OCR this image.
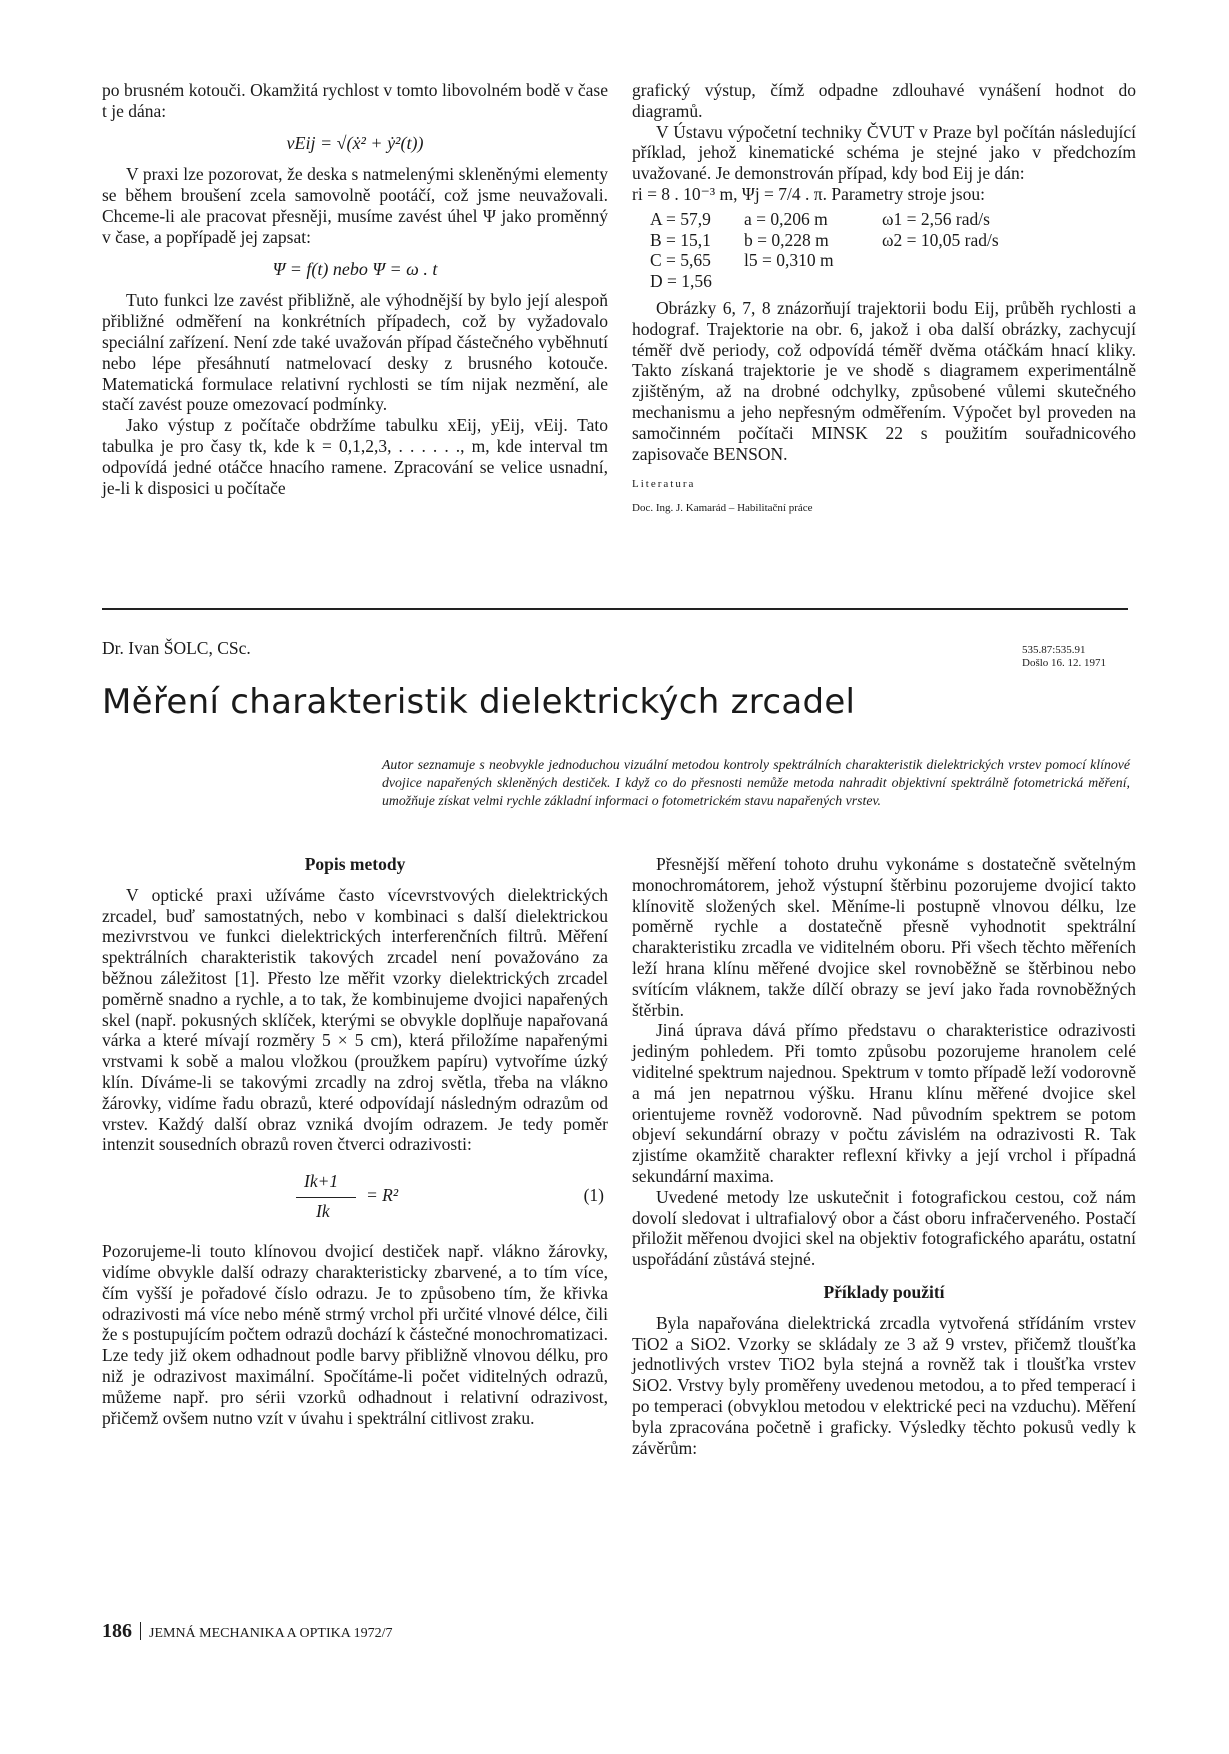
po brusném kotouči. Okamžitá rychlost v tomto libovolném bodě v čase t je dána:

vEij = √(ẋ² + ẏ²(t))

V praxi lze pozorovat, že deska s natmelenými skleněnými elementy se během broušení zcela samovolně pootáčí, což jsme neuvažovali. Chceme-li ale pracovat přesněji, musíme zavést úhel Ψ jako proměnný v čase, a popřípadě jej zapsat:

Ψ = f(t) nebo Ψ = ω . t

Tuto funkci lze zavést přibližně, ale výhodnější by bylo její alespoň přibližné odměření na konkrétních případech, což by vyžadovalo speciální zařízení. Není zde také uvažován případ částečného vyběhnutí nebo lépe přesáhnutí natmelovací desky z brusného kotouče. Matematická formulace relativní rychlosti se tím nijak nezmění, ale stačí zavést pouze omezovací podmínky.

Jako výstup z počítače obdržíme tabulku xEij, yEij, vEij. Tato tabulka je pro časy tk, kde k = 0,1,2,3, . . . . . ., m, kde interval tm odpovídá jedné otáčce hnacího ramene. Zpracování se velice usnadní, je-li k disposici u počítače

grafický výstup, čímž odpadne zdlouhavé vynášení hodnot do diagramů.

V Ústavu výpočetní techniky ČVUT v Praze byl počítán následující příklad, jehož kinematické schéma je stejné jako v předchozím uvažované. Je demonstrován případ, kdy bod Eij je dán:

ri = 8 . 10⁻³ m, Ψj = 7/4 . π. Parametry stroje jsou:

A = 57,9	a = 0,206 m	ω1 = 2,56 rad/s
B = 15,1	b = 0,228 m	ω2 = 10,05 rad/s
C = 5,65	l5 = 0,310 m
D = 1,56

Obrázky 6, 7, 8 znázorňují trajektorii bodu Eij, průběh rychlosti a hodograf. Trajektorie na obr. 6, jakož i oba další obrázky, zachycují téměř dvě periody, což odpovídá téměř dvěma otáčkám hnací kliky. Takto získaná trajektorie je ve shodě s diagramem experimentálně zjištěným, až na drobné odchylky, způsobené vůlemi skutečného mechanismu a jeho nepřesným odměřením. Výpočet byl proveden na samočinném počítači MINSK 22 s použitím souřadnicového zapisovače BENSON.

Literatura
Doc. Ing. J. Kamarád – Habilitační práce
Dr. Ivan ŠOLC, CSc.	535.87:535.91
Došlo 16. 12. 1971
Měření charakteristik dielektrických zrcadel
Autor seznamuje s neobvykle jednoduchou vizuální metodou kontroly spektrálních charakteristik dielektrických vrstev pomocí klínové dvojice napařených skleněných destiček. I když co do přesnosti nemůže metoda nahradit objektivní spektrálně fotometrická měření, umožňuje získat velmi rychle základní informaci o fotometrickém stavu napařených vrstev.
Popis metody

V optické praxi užíváme často vícevrstvových dielektrických zrcadel, buď samostatných, nebo v kombinaci s další dielektrickou mezivrstvou ve funkci dielektrických interferenčních filtrů. Měření spektrálních charakteristik takových zrcadel není považováno za běžnou záležitost [1]. Přesto lze měřit vzorky dielektrických zrcadel poměrně snadno a rychle, a to tak, že kombinujeme dvojici napařených skel (např. pokusných sklíček, kterými se obvykle doplňuje napařovaná várka a které mívají rozměry 5 × 5 cm), která přiložíme napařenými vrstvami k sobě a malou vložkou (proužkem papíru) vytvoříme úzký klín. Díváme-li se takovými zrcadly na zdroj světla, třeba na vlákno žárovky, vidíme řadu obrazů, které odpovídají následným odrazům od vrstev. Každý další obraz vzniká dvojím odrazem. Je tedy poměr intenzit sousedních obrazů roven čtverci odrazivosti:

Ik+1
Ik
= R²	(1)

Pozorujeme-li touto klínovou dvojicí destiček např. vlákno žárovky, vidíme obvykle další odrazy charakteristicky zbarvené, a to tím více, čím vyšší je pořadové číslo odrazu. Je to způsobeno tím, že křivka odrazivosti má více nebo méně strmý vrchol při určité vlnové délce, čili že s postupujícím počtem odrazů dochází k částečné monochromatizaci. Lze tedy již okem odhadnout podle barvy přibližně vlnovou délku, pro niž je odrazivost maximální. Spočítáme-li počet viditelných odrazů, můžeme např. pro sérii vzorků odhadnout i relativní odrazivost, přičemž ovšem nutno vzít v úvahu i spektrální citlivost zraku.

Přesnější měření tohoto druhu vykonáme s dostatečně světelným monochromátorem, jehož výstupní štěrbinu pozorujeme dvojicí takto klínovitě složených skel. Měníme-li postupně vlnovou délku, lze poměrně rychle a dostatečně přesně vyhodnotit spektrální charakteristiku zrcadla ve viditelném oboru. Při všech těchto měřeních leží hrana klínu měřené dvojice skel rovnoběžně se štěrbinou nebo svítícím vláknem, takže dílčí obrazy se jeví jako řada rovnoběžných štěrbin.

Jiná úprava dává přímo představu o charakteristice odrazivosti jediným pohledem. Při tomto způsobu pozorujeme hranolem celé viditelné spektrum najednou. Spektrum v tomto případě leží vodorovně a má jen nepatrnou výšku. Hranu klínu měřené dvojice skel orientujeme rovněž vodorovně. Nad původním spektrem se potom objeví sekundární obrazy v počtu závislém na odrazivosti R. Tak zjistíme okamžitě charakter reflexní křivky a její vrchol i případná sekundární maxima.

Uvedené metody lze uskutečnit i fotografickou cestou, což nám dovolí sledovat i ultrafialový obor a část oboru infračerveného. Postačí přiložit měřenou dvojici skel na objektiv fotografického aparátu, ostatní uspořádání zůstává stejné.

Příklady použití

Byla napařována dielektrická zrcadla vytvořená střídáním vrstev TiO2 a SiO2. Vzorky se skládaly ze 3 až 9 vrstev, přičemž tloušťka jednotlivých vrstev TiO2 byla stejná a rovněž tak i tloušťka vrstev SiO2. Vrstvy byly proměřeny uvedenou metodou, a to před temperací i po temperaci (obvyklou metodou v elektrické peci na vzduchu). Měření byla zpracována početně i graficky. Výsledky těchto pokusů vedly k závěrům:

186 JEMNÁ MECHANIKA A OPTIKA 1972/7
